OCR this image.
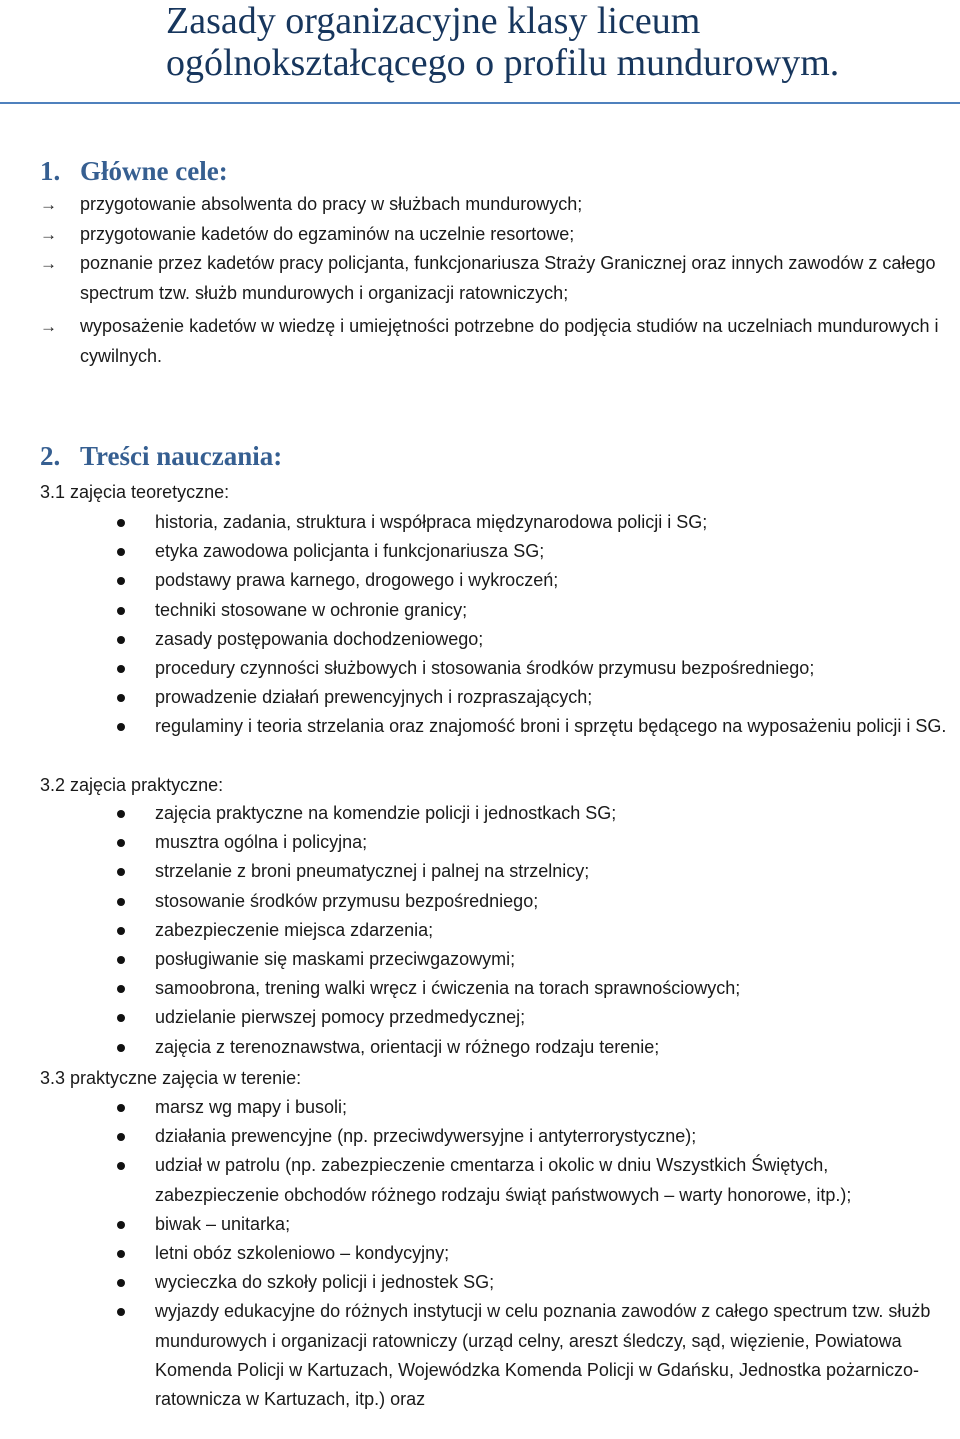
Zasady organizacyjne klasy liceum ogólnokształcącego o profilu mundurowym.
1. Główne cele:
→ przygotowanie absolwenta do pracy w służbach mundurowych;
→ przygotowanie kadetów do egzaminów na uczelnie resortowe;
→ poznanie przez kadetów pracy policjanta, funkcjonariusza Straży Granicznej oraz innych zawodów z całego spectrum tzw. służb mundurowych i organizacji ratowniczych;
→ wyposażenie kadetów w wiedzę i umiejętności potrzebne do podjęcia studiów na uczelniach mundurowych i cywilnych.
2. Treści nauczania:
3.1 zajęcia teoretyczne:
historia, zadania, struktura i współpraca międzynarodowa policji i SG;
etyka zawodowa policjanta i funkcjonariusza SG;
podstawy prawa karnego, drogowego i wykroczeń;
techniki stosowane w ochronie granicy;
zasady postępowania dochodzeniowego;
procedury czynności służbowych i stosowania środków przymusu bezpośredniego;
prowadzenie działań prewencyjnych i rozpraszających;
regulaminy i teoria strzelania oraz znajomość broni i sprzętu będącego na wyposażeniu policji i SG.
3.2 zajęcia praktyczne:
zajęcia praktyczne na komendzie policji i jednostkach SG;
musztra ogólna i policyjna;
strzelanie z broni pneumatycznej i palnej na strzelnicy;
stosowanie środków przymusu bezpośredniego;
zabezpieczenie miejsca zdarzenia;
posługiwanie się maskami przeciwgazowymi;
samoobrona, trening walki wręcz i ćwiczenia na torach sprawnościowych;
udzielanie pierwszej pomocy przedmedycznej;
zajęcia z terenoznawstwa, orientacji w różnego rodzaju terenie;
3.3 praktyczne zajęcia w terenie:
marsz wg mapy i busoli;
działania prewencyjne (np. przeciwdywersyjne i antyterrorystyczne);
udział w patrolu (np. zabezpieczenie cmentarza i okolic w dniu Wszystkich Świętych, zabezpieczenie obchodów różnego rodzaju świąt państwowych – warty honorowe, itp.);
biwak – unitarka;
letni obóz szkoleniowo – kondycyjny;
wycieczka do szkoły policji i jednostek SG;
wyjazdy edukacyjne do różnych instytucji w celu poznania zawodów z całego spectrum tzw. służb mundurowych i organizacji ratowniczy (urząd celny, areszt śledczy, sąd, więzienie, Powiatowa Komenda Policji w Kartuzach, Wojewódzka Komenda Policji w Gdańsku, Jednostka pożarniczo-ratownicza w Kartuzach, itp.) oraz
